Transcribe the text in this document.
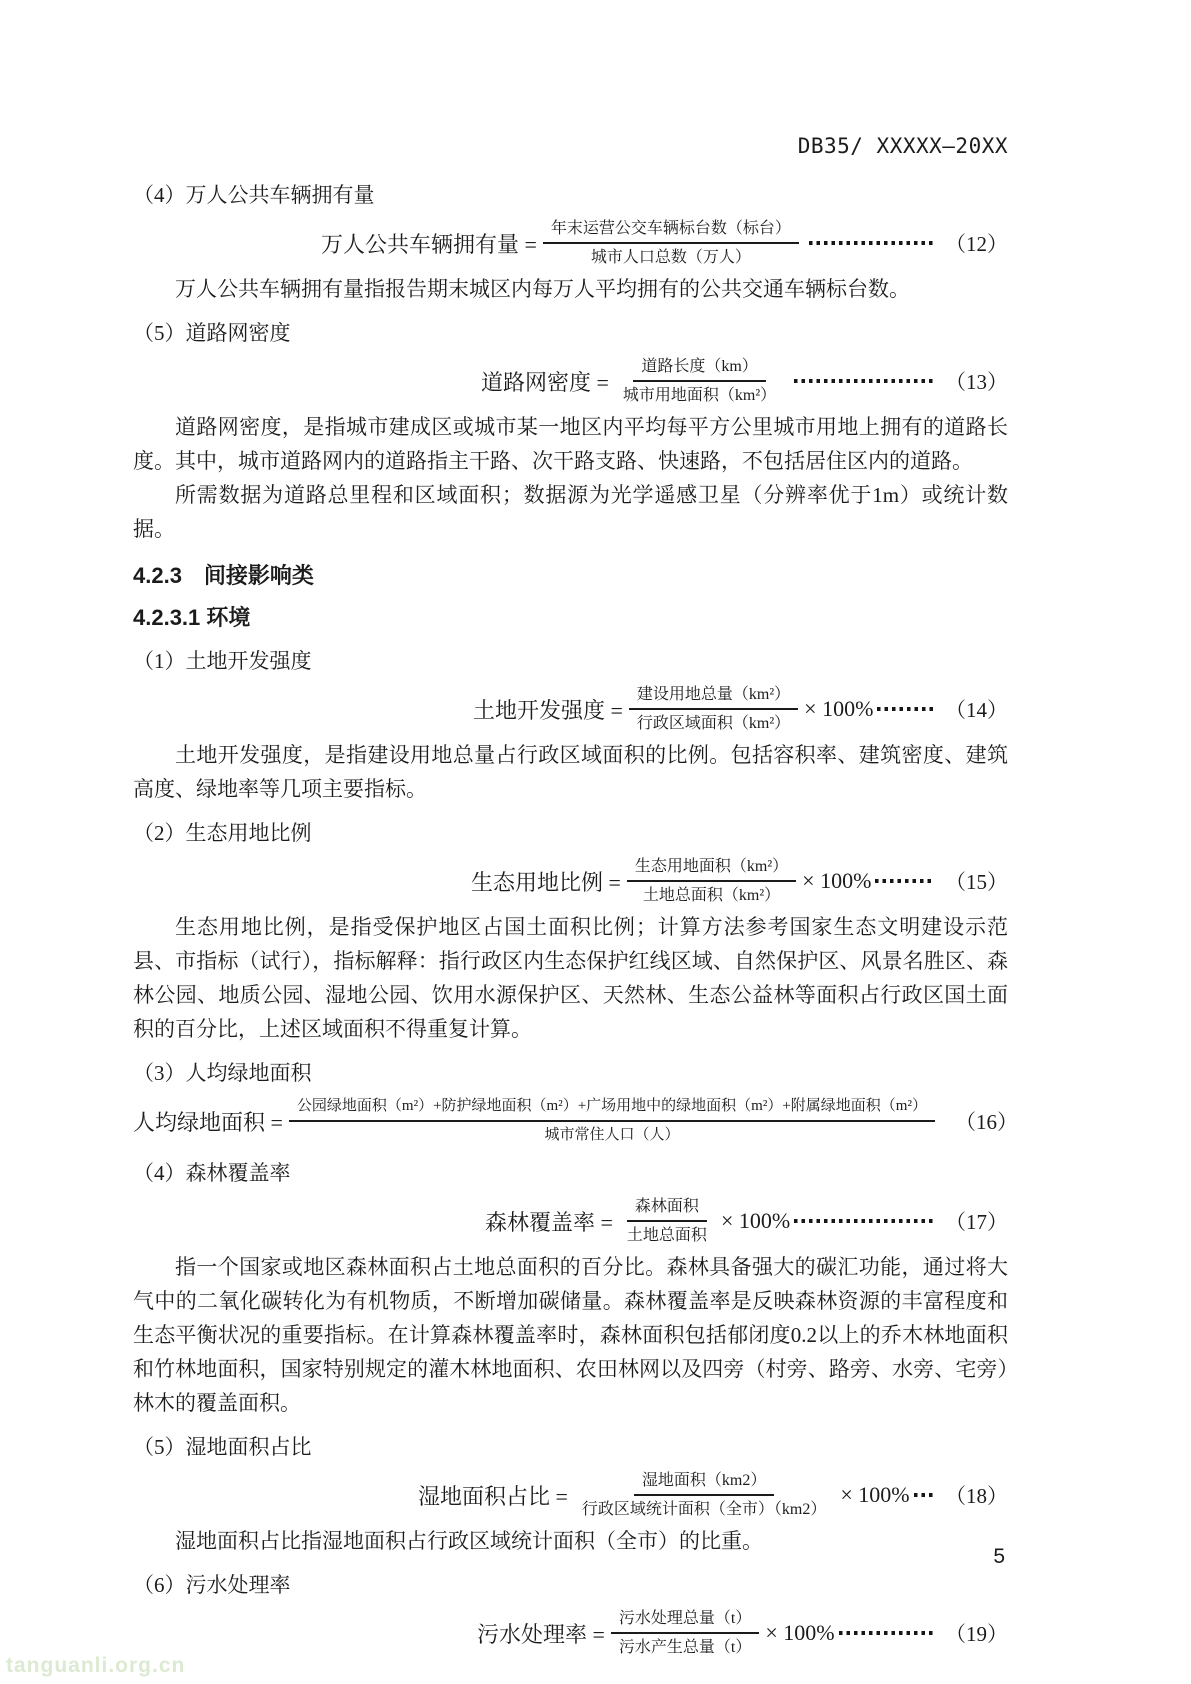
DB35/ XXXXX—20XX
（4）万人公共车辆拥有量
万人公共车辆拥有量 = $\frac{\text{年末运营公交车辆标台数（标台）}}{\text{城市人口总数（万人）}}$	（12）

万人公共车辆拥有量指报告期末城区内每万人平均拥有的公共交通车辆标台数。

（5）道路网密度
道路网密度 = $\frac{\text{道路长度（km）}}{\text{城市用地面积（km²）}}$	（13）

道路网密度，是指城市建成区或城市某一地区内平均每平方公里城市用地上拥有的道路长度。其中，城市道路网内的道路指主干路、次干路支路、快速路，不包括居住区内的道路。

所需数据为道路总里程和区域面积；数据源为光学遥感卫星（分辨率优于1m）或统计数据。

4.2.3　间接影响类
4.2.3.1 环境
（1）土地开发强度
土地开发强度 = $\frac{\text{建设用地总量（km²）}}{\text{行政区域面积（km²）}} \times 100\%$	（14）

土地开发强度，是指建设用地总量占行政区域面积的比例。包括容积率、建筑密度、建筑高度、绿地率等几项主要指标。

（2）生态用地比例
生态用地比例 = $\frac{\text{生态用地面积（km²）}}{\text{土地总面积（km²）}} \times 100\%$	（15）

生态用地比例，是指受保护地区占国土面积比例；计算方法参考国家生态文明建设示范县、市指标（试行），指标解释：指行政区内生态保护红线区域、自然保护区、风景名胜区、森林公园、地质公园、湿地公园、饮用水源保护区、天然林、生态公益林等面积占行政区国土面积的百分比，上述区域面积不得重复计算。

（3）人均绿地面积
人均绿地面积 = $\frac{\text{公园绿地面积（m²）+防护绿地面积（m²）+广场用地中的绿地面积（m²）+附属绿地面积（m²）}}{\text{城市常住人口（人）}} (16)$
（4）森林覆盖率
森林覆盖率 = $\frac{\text{森林面积}}{\text{土地总面积}} \times 100\%$	（17）

指一个国家或地区森林面积占土地总面积的百分比。森林具备强大的碳汇功能，通过将大气中的二氧化碳转化为有机物质，不断增加碳储量。森林覆盖率是反映森林资源的丰富程度和生态平衡状况的重要指标。在计算森林覆盖率时，森林面积包括郁闭度0.2以上的乔木林地面积和竹林地面积，国家特别规定的灌木林地面积、农田林网以及四旁（村旁、路旁、水旁、宅旁）林木的覆盖面积。

（5）湿地面积占比
湿地面积占比 = $\frac{\text{湿地面积（km2）}}{\text{行政区域统计面积（全市）（km2）}} \times 100\%$ （18）

湿地面积占比指湿地面积占行政区域统计面积（全市）的比重。

（6）污水处理率
污水处理率 = $\frac{\text{污水处理总量（t）}}{\text{污水产生总量（t）}} \times 100\%$	（19）
5
tanguanli.org.cn
